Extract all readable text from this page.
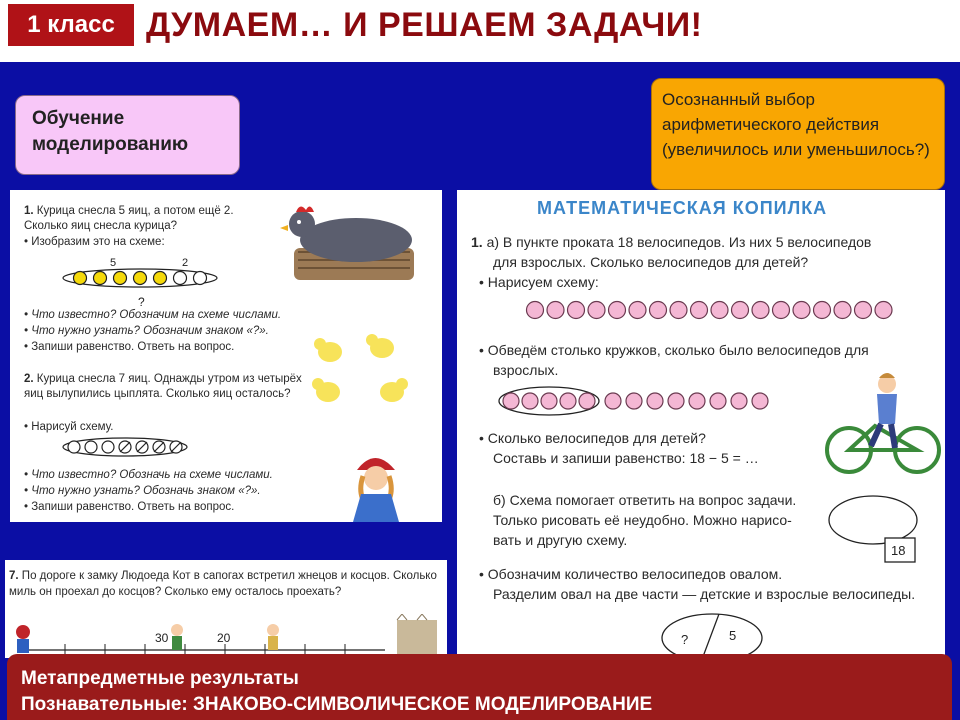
1 класс ДУМАЕМ… И РЕШАЕМ ЗАДАЧИ!
Обучение моделированию
Осознанный выбор арифметического действия (увеличилось или уменьшилось?)
1. Курица снесла 5 яиц, а потом ещё 2. Сколько яиц снесла курица?
• Изобразим это на схеме:
5	2
?
• Что известно? Обозначим на схеме числами.
• Что нужно узнать? Обозначим знаком «?».
• Запиши равенство. Ответь на вопрос.
2. Курица снесла 7 яиц. Однажды утром из четырёх яиц вылупились цыплята. Сколько яиц осталось?
• Нарисуй схему.
• Что известно? Обозначь на схеме числами.
• Что нужно узнать? Обозначь знаком «?».
• Запиши равенство. Ответь на вопрос.
7. По дороге к замку Людоеда Кот в сапогах встретил жнецов и косцов. Сколько миль он проехал до косцов? Сколько ему осталось проехать?
30	20
МАТЕМАТИЧЕСКАЯ КОПИЛКА
1. а) В пункте проката 18 велосипедов. Из них 5 велосипедов
для взрослых. Сколько велосипедов для детей?
• Нарисуем схему:
• Обведём столько кружков, сколько было велосипедов для
взрослых.
• Сколько велосипедов для детей?
Составь и запиши равенство: 18 − 5 = …
б) Схема помогает ответить на вопрос задачи.
Только рисовать её неудобно. Можно нарисо-
вать и другую схему.
18
• Обозначим количество велосипедов овалом.
Разделим овал на две части — детские и взрослые велосипеды.
?	5
Метапредметные результаты
Познавательные: ЗНАКОВО-СИМВОЛИЧЕСКОЕ МОДЕЛИРОВАНИЕ
